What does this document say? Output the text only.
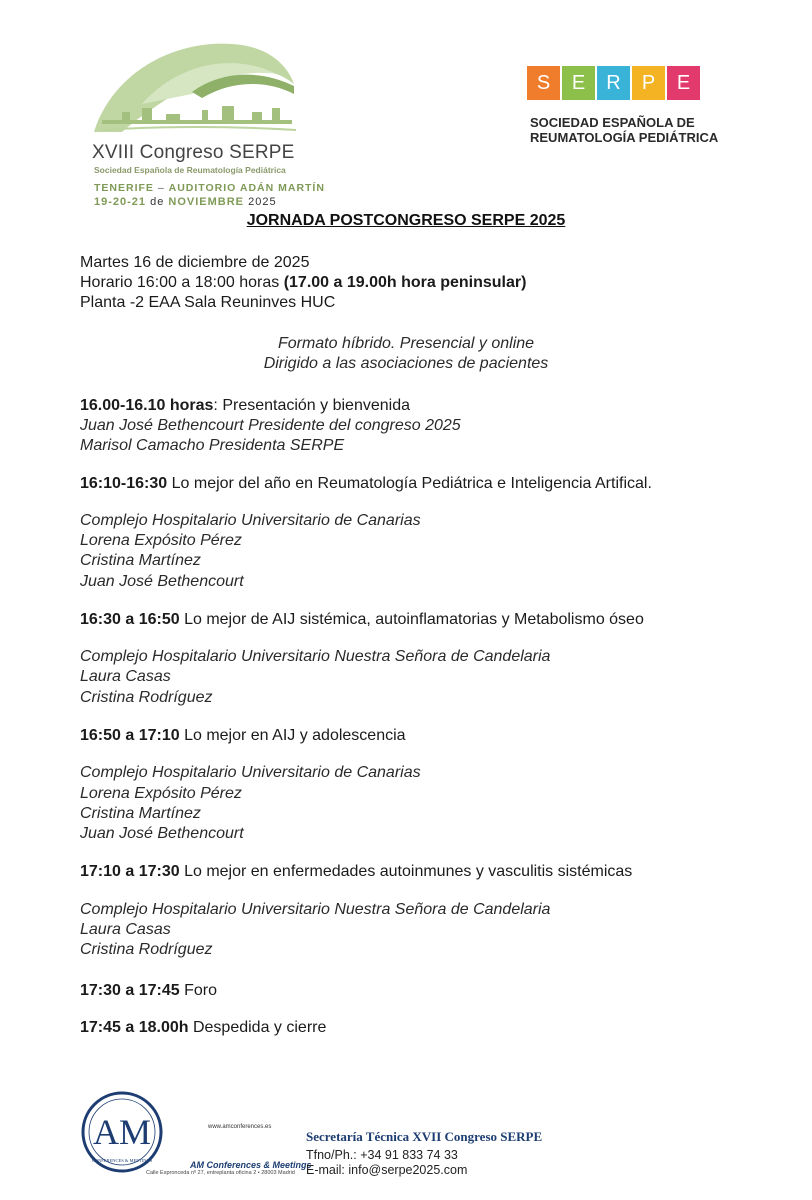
XVIII Congreso SERPE
Sociedad Española de Reumatología Pediátrica
TENERIFE – AUDITORIO ADÁN MARTÍN
19-20-21 de NOVIEMBRE 2025
S	E	R	P	E
SOCIEDAD ESPAÑOLA DE
REUMATOLOGÍA PEDIÁTRICA
JORNADA POSTCONGRESO SERPE 2025
Martes 16 de diciembre de 2025
Horario 16:00 a 18:00 horas (17.00 a 19.00h hora peninsular)
Planta -2 EAA Sala Reuninves HUC
Formato híbrido. Presencial y online
Dirigido a las asociaciones de pacientes
16.00-16.10 horas: Presentación y bienvenida
Juan José Bethencourt Presidente del congreso 2025
Marisol Camacho Presidenta SERPE
16:10-16:30 Lo mejor del año en Reumatología Pediátrica e Inteligencia Artifical.
Complejo Hospitalario Universitario de Canarias
Lorena Expósito Pérez
Cristina Martínez
Juan José Bethencourt
16:30 a 16:50 Lo mejor de AIJ sistémica, autoinflamatorias y Metabolismo óseo
Complejo Hospitalario Universitario Nuestra Señora de Candelaria
Laura Casas
Cristina Rodríguez
16:50 a 17:10 Lo mejor en AIJ y adolescencia
Complejo Hospitalario Universitario de Canarias
Lorena Expósito Pérez
Cristina Martínez
Juan José Bethencourt
17:10 a 17:30 Lo mejor en enfermedades autoinmunes y vasculitis sistémicas
Complejo Hospitalario Universitario Nuestra Señora de Candelaria
Laura Casas
Cristina Rodríguez
17:30 a 17:45 Foro
17:45 a 18.00h Despedida y cierre
AM
CONFERENCES & MEETINGS
www.amconferences.es
AM Conferences & Meetings
Calle Espronceda nº 27, entreplanta oficina 2 • 28003 Madrid
Secretaría Técnica XVII Congreso SERPE
Tfno/Ph.: +34 91 833 74 33
E-mail: info@serpe2025.com
